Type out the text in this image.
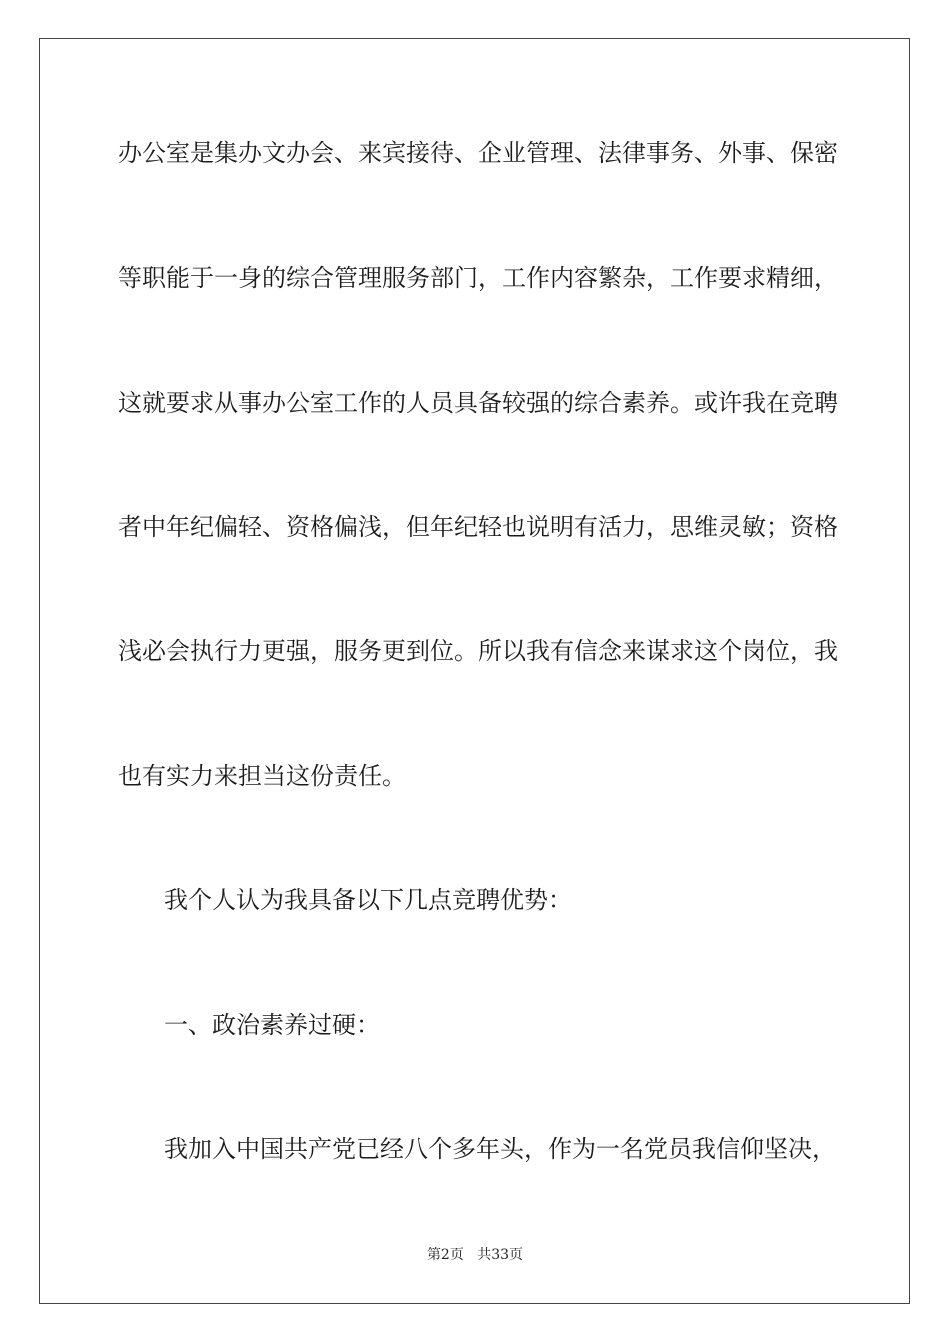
办公室是集办文办会、来宾接待、企业管理、法律事务、外事、保密
等职能于一身的综合管理服务部门，工作内容繁杂，工作要求精细，
这就要求从事办公室工作的人员具备较强的综合素养。或许我在竞聘
者中年纪偏轻、资格偏浅，但年纪轻也说明有活力，思维灵敏；资格
浅必会执行力更强，服务更到位。所以我有信念来谋求这个岗位，我
也有实力来担当这份责任。
我个人认为我具备以下几点竞聘优势：
一、政治素养过硬：
我加入中国共产党已经八个多年头，作为一名党员我信仰坚决，
第2页 共33页
